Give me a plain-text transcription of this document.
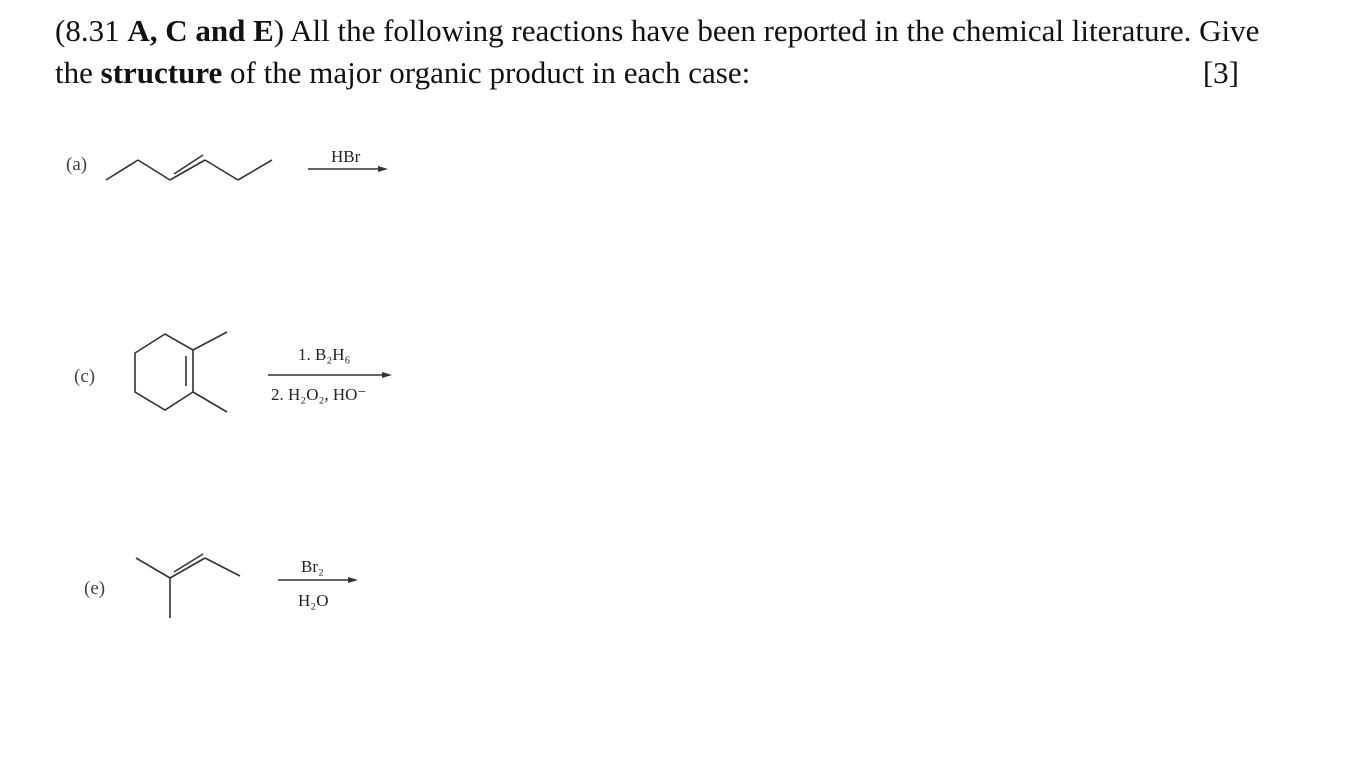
(8.31 A, C and E) All the following reactions have been reported in the chemical literature. Give
the structure of the major organic product in each case:	[3]
(a)	HBr
(c)
1. B₂H₆
2. H₂O₂, HO⁻
(e)
Br₂
H₂O
